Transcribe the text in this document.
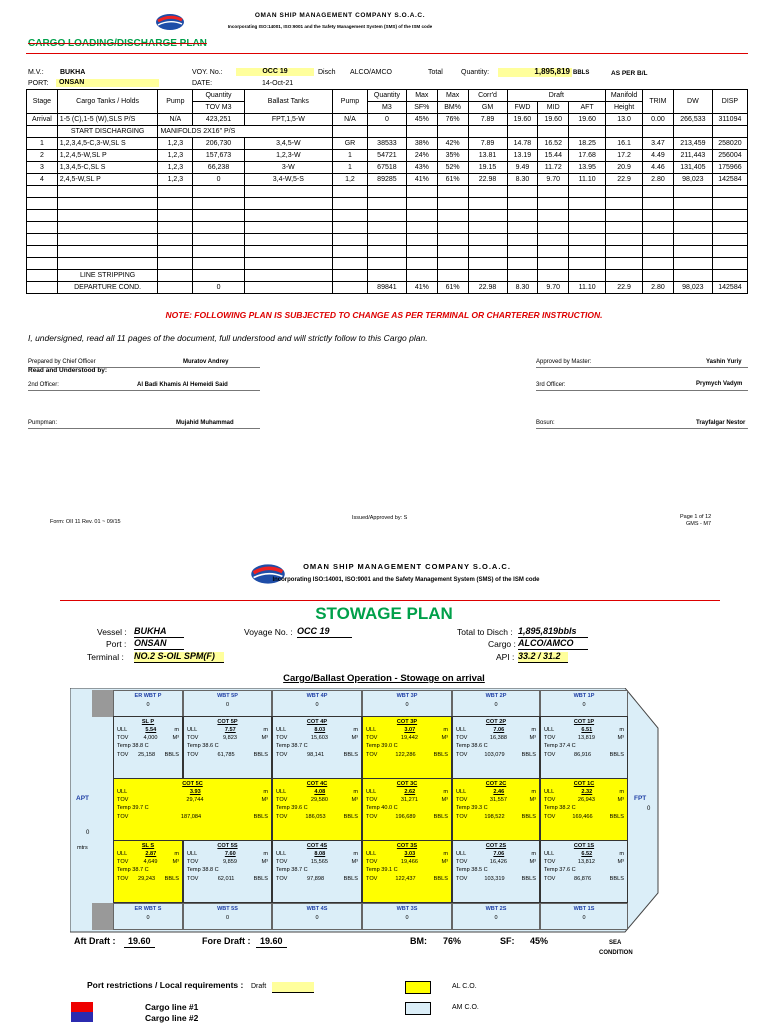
OMAN SHIP MANAGEMENT COMPANY S.O.A.C.
Incorporating ISO:14001, ISO:9001 and the Safety Management System (SMS) of the ISM code
CARGO LOADING/DISCHARGE PLAN
M.V.: BUKHA
PORT:	ONSAN
VOY. No.:	OCC 19
DATE:	14-Oct-21
Disch ALCO/AMCO	Total	Quantity:	1,895,819 BBLS	AS PER B/L
Stage	Cargo Tanks / Holds	Pump	Quantity	Ballast Tanks	Pump	Quantity	Max	Max	Corr'd	Draft			Manifold	TRIM	DW	DISP
			TOV M3			M3	SF%	BM%	GM	FWD	MID	AFT	Height			
Arrival	1-5 (C),1-5 (W),SLS P/S	N/A	423,251	FPT,1,5-W	N/A	0	45%	76%	7.89	19.60	19.60	19.60	13.0	0.00	266,533	311094
	START DISCHARGING	MANIFOLDS 2X16" P/S														
1	1,2,3,4,5-C,3-W,SL S	1,2,3	206,730	3,4,5-W	GR	38533	38%	42%	7.89	14.78	16.52	18.25	16.1	3.47	213,459	258020
2	1,2,4,5-W,SL P	1,2,3	157,673	1,2,3-W	1	54721	24%	35%	13.81	13.19	15.44	17.68	17.2	4.49	211,443	256004
3	1,3,4,5-C,SL S	1,2,3	66,238	3-W	1	67518	43%	52%	19.15	9.49	11.72	13.95	20.9	4.46	131,405	175966
4	2,4,5-W,SL P	1,2,3	0	3,4-W,5-S	1,2	89285	41%	61%	22.98	8.30	9.70	11.10	22.9	2.80	98,023	142584

	LINE STRIPPING															
	DEPARTURE COND.		0			89841	41%	61%	22.98	8.30	9.70	11.10	22.9	2.80	98,023	142584
NOTE: FOLLOWING PLAN IS SUBJECTED TO CHANGE AS PER TERMINAL OR CHARTERER INSTRUCTION.
I, undersigned, read all 11 pages of the document, full understood and will strictly follow to this Cargo plan.
Prepared by Chief Officer	Muratov Andrey
Read and Understood by:
Approved by Master:	Yashin Yuriy
2nd Officer:	Al Badi Khamis Al Hemeidi Said	3rd Officer:	Prymych Vadym
Pumpman:	Mujahid Muhammad	Bosun:	Trayfalgar Nestor
Form: OII 11 Rev. 01 ~ 09/15
Issued/Approved by: S	Page 1 of 12
GMS - M7
OMAN SHIP MANAGEMENT COMPANY S.O.A.C.
Incorporating ISO:14001, ISO:9001 and the Safety Management System (SMS) of the ISM code
STOWAGE PLAN
Vessel : BUKHA
Port : ONSAN
Terminal : NO.2 S-OIL SPM(F)
Voyage No. : OCC 19	Total to Disch : 1,895,819bbls
Cargo : ALCO/AMCO
API : 33.2 / 31.2
Cargo/Ballast Operation - Stowage on arrival
APT
0
mtrs
FPT
0
ER WBT P
0
WBT 5P
0
WBT 4P
0
WBT 3P
0
WBT 2P
0
WBT 1P
0
ER WBT S
0
WBT 5S
0
WBT 4S
0
WBT 3S
0
WBT 2S
0
WBT 1S
0
SL P
ULL	5.54	m
TOV	4,000	M³
Temp 38.8 C
TOV 25,158 BBLS
COT 5P
ULL	7.57	m
TOV	9,823	M³
Temp 38.6 C
TOV	61,785	BBLS
COT 4P
ULL	8.03	m
TOV	15,603	M³
Temp 38.7 C
TOV	98,141	BBLS
COT 3P
ULL	3.07	m
TOV	19,442	M³
Temp 39.0 C
TOV	122,286	BBLS
COT 2P
ULL	7.06	m
TOV	16,388	M³
Temp 38.6 C
TOV	103,079	BBLS
COT 1P
ULL	6.51	m
TOV	13,819	M³
Temp 37.4 C
TOV	86,916	BBLS
COT 5C
ULL	3.93	m
TOV	29,744	M³
Temp 39.7 C
TOV	187,084	BBLS
COT 4C
ULL	4.08	m
TOV	29,580	M³
Temp 39.6 C
TOV	186,053	BBLS
COT 3C
ULL	2.62	m
TOV	31,271	M³
Temp 40.0 C
TOV	196,689	BBLS
COT 2C
ULL	2.46	m
TOV	31,557	M³
Temp 39.3 C
TOV	198,522	BBLS
COT 1C
ULL	2.32	m
TOV	26,943	M³
Temp 38.2 C
TOV	169,466	BBLS
SL S
ULL	2.87	m
TOV	4,649	M³
Temp 38.7 C
TOV 29,243 BBLS
COT 5S
ULL	7.60	m
TOV	9,859	M³
Temp 38.8 C
TOV	62,011	BBLS
COT 4S
ULL	8.08	m
TOV	15,565	M³
Temp 38.7 C
TOV	97,898	BBLS
COT 3S
ULL	3.03	m
TOV	19,466	M³
Temp 39.1 C
TOV	122,437	BBLS
COT 2S
ULL	7.06	m
TOV	16,426	M³
Temp 38.5 C
TOV	103,319	BBLS
COT 1S
ULL	6.52	m
TOV	13,812	M³
Temp 37.6 C
TOV	86,876	BBLS
Aft Draft :	19.60	Fore Draft :	19.60	BM: 76%	SF: 45%	SEA
CONDITION
Port restrictions / Local requirements : Draft	AL C.O.
AM C.O.
Cargo line #1
Cargo line #2
